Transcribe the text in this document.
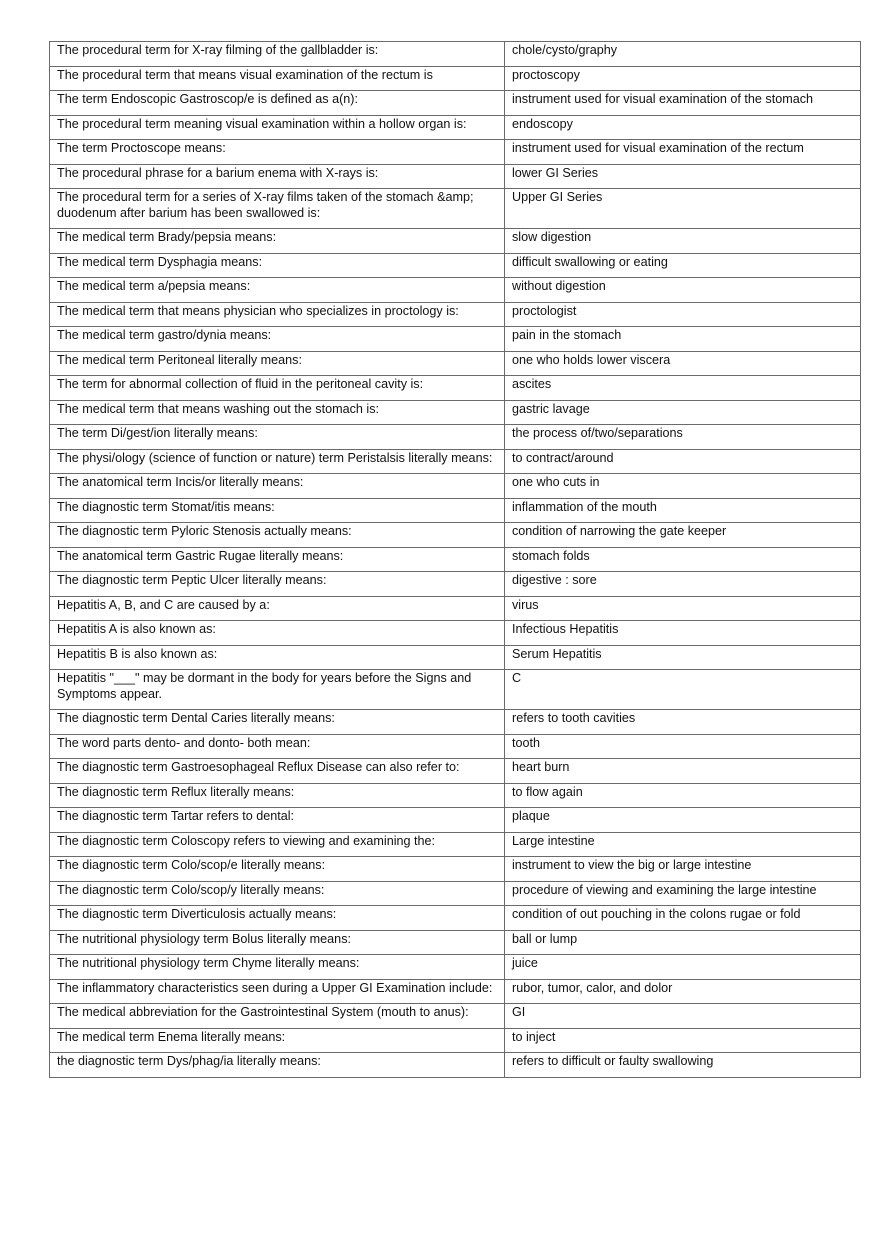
The procedural term for X-ray filming of the gallbladder is:	chole/cysto/graphy
The procedural term that means visual examination of the rectum is	proctoscopy
The term Endoscopic Gastroscop/e is defined as a(n):	instrument used for visual examination of the stomach
The procedural term meaning visual examination within a hollow organ is:	endoscopy
The term Proctoscope means:	instrument used for visual examination of the rectum
The procedural phrase for a barium enema with X-rays is:	lower GI Series
The procedural term for a series of X-ray films taken of the stomach &amp; duodenum after barium has been swallowed is:	Upper GI Series
The medical term Brady/pepsia means:	slow digestion
The medical term Dysphagia means:	difficult swallowing or eating
The medical term a/pepsia means:	without digestion
The medical term that means physician who specializes in proctology is:	proctologist
The medical term gastro/dynia means:	pain in the stomach
The medical term Peritoneal literally means:	one who holds lower viscera
The term for abnormal collection of fluid in the peritoneal cavity is:	ascites
The medical term that means washing out the stomach is:	gastric lavage
The term Di/gest/ion literally means:	the process of/two/separations
The physi/ology (science of function or nature) term Peristalsis literally means:	to contract/around
The anatomical term Incis/or literally means:	one who cuts in
The diagnostic term Stomat/itis means:	inflammation of the mouth
The diagnostic term Pyloric Stenosis actually means:	condition of narrowing the gate keeper
The anatomical term Gastric Rugae literally means:	stomach folds
The diagnostic term Peptic Ulcer literally means:	digestive : sore
Hepatitis A, B, and C are caused by a:	virus
Hepatitis A is also known as:	Infectious Hepatitis
Hepatitis B is also known as:	Serum Hepatitis
Hepatitis "___" may be dormant in the body for years before the Signs and Symptoms appear.	C
The diagnostic term Dental Caries literally means:	refers to tooth cavities
The word parts dento- and donto- both mean:	tooth
The diagnostic term Gastroesophageal Reflux Disease can also refer to:	heart burn
The diagnostic term Reflux literally means:	to flow again
The diagnostic term Tartar refers to dental:	plaque
The diagnostic term Coloscopy refers to viewing and examining the:	Large intestine
The diagnostic term Colo/scop/e literally means:	instrument to view the big or large intestine
The diagnostic term Colo/scop/y literally means:	procedure of viewing and examining the large intestine
The diagnostic term Diverticulosis actually means:	condition of out pouching in the colons rugae or fold
The nutritional physiology term Bolus literally means:	ball or lump
The nutritional physiology term Chyme literally means:	juice
The inflammatory characteristics seen during a Upper GI Examination include:	rubor, tumor, calor, and dolor
The medical abbreviation for the Gastrointestinal System (mouth to anus):	GI
The medical term Enema literally means:	to inject
the diagnostic term Dys/phag/ia literally means:	refers to difficult or faulty swallowing
